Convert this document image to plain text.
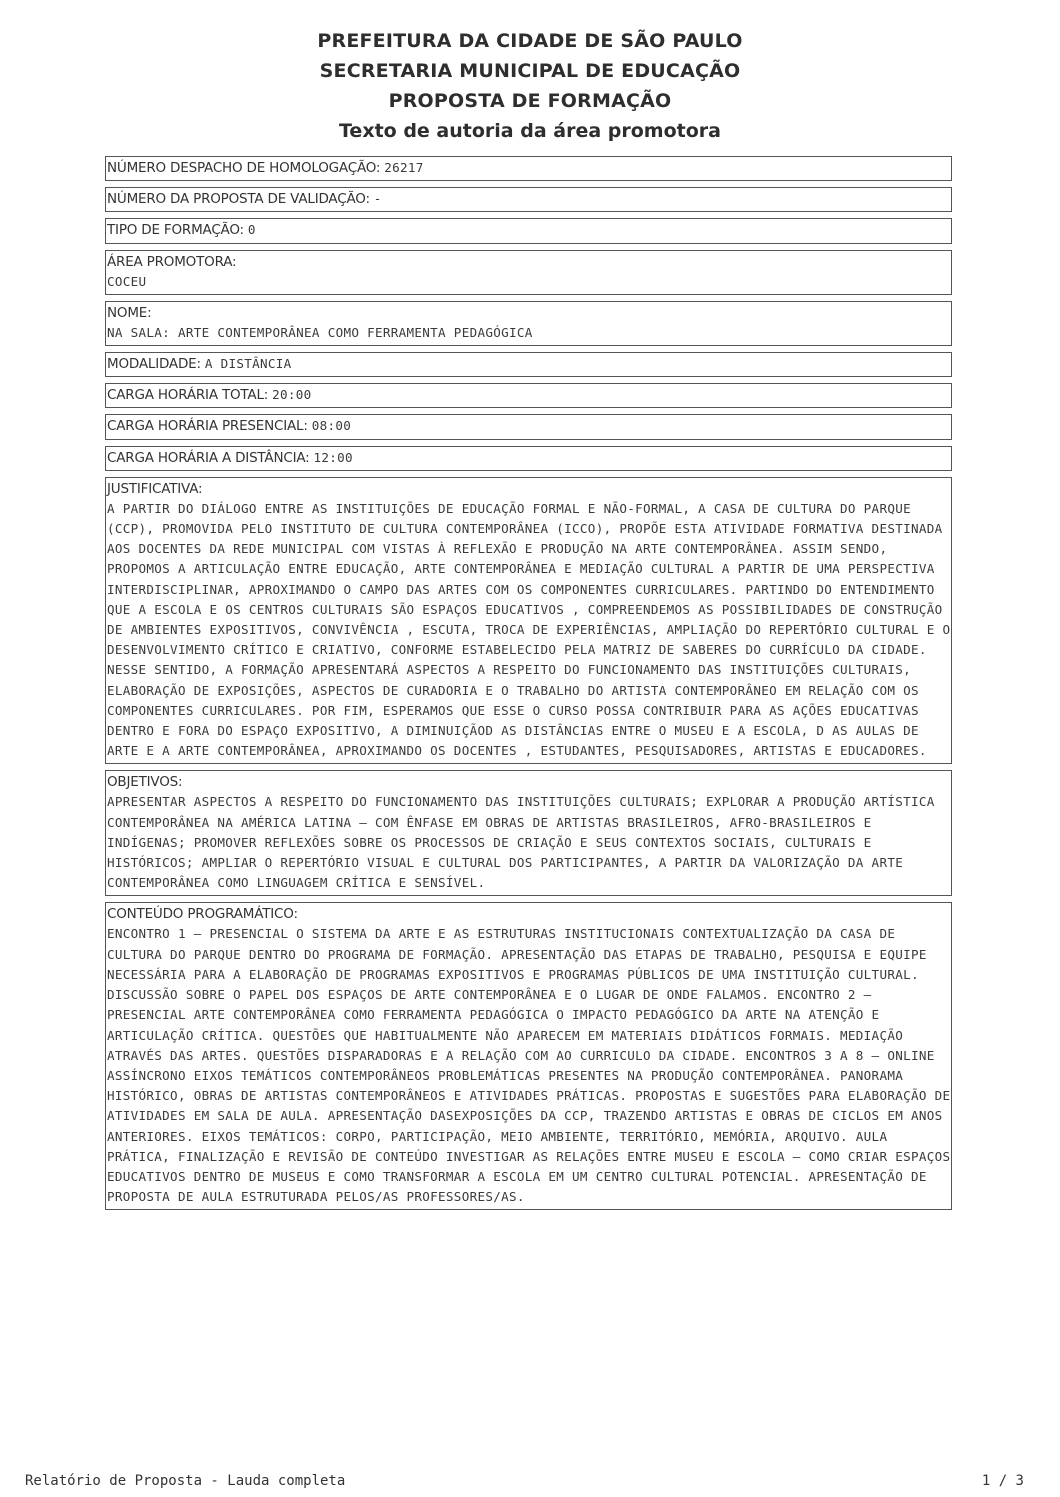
PREFEITURA DA CIDADE DE SÃO PAULO
SECRETARIA MUNICIPAL DE EDUCAÇÃO
PROPOSTA DE FORMAÇÃO
Texto de autoria da área promotora
NÚMERO DESPACHO DE HOMOLOGAÇÃO: 26217
NÚMERO DA PROPOSTA DE VALIDAÇÃO: -
TIPO DE FORMAÇÃO: 0
ÁREA PROMOTORA:
COCEU
NOME:
NA SALA: ARTE CONTEMPORÂNEA COMO FERRAMENTA PEDAGÓGICA
MODALIDADE: A DISTÂNCIA
CARGA HORÁRIA TOTAL: 20:00
CARGA HORÁRIA PRESENCIAL: 08:00
CARGA HORÁRIA A DISTÂNCIA: 12:00
JUSTIFICATIVA:
A PARTIR DO DIÁLOGO ENTRE AS INSTITUIÇÕES DE EDUCAÇÃO FORMAL E NÃO-FORMAL, A CASA DE CULTURA DO PARQUE (CCP), PROMOVIDA PELO INSTITUTO DE CULTURA CONTEMPORÂNEA (ICCO), PROPÕE ESTA ATIVIDADE FORMATIVA DESTINADA AOS DOCENTES DA REDE MUNICIPAL COM VISTAS À REFLEXÃO E PRODUÇÃO NA ARTE CONTEMPORÂNEA. ASSIM SENDO, PROPOMOS A ARTICULAÇÃO ENTRE EDUCAÇÃO, ARTE CONTEMPORÂNEA E MEDIAÇÃO CULTURAL A PARTIR DE UMA PERSPECTIVA INTERDISCIPLINAR, APROXIMANDO O CAMPO DAS ARTES COM OS COMPONENTES CURRICULARES. PARTINDO DO ENTENDIMENTO QUE A ESCOLA E OS CENTROS CULTURAIS SÃO ESPAÇOS EDUCATIVOS , COMPREENDEMOS AS POSSIBILIDADES DE CONSTRUÇÃO DE AMBIENTES EXPOSITIVOS, CONVIVÊNCIA , ESCUTA, TROCA DE EXPERIÊNCIAS, AMPLIAÇÃO DO REPERTÓRIO CULTURAL E O DESENVOLVIMENTO CRÍTICO E CRIATIVO, CONFORME ESTABELECIDO PELA MATRIZ DE SABERES DO CURRÍCULO DA CIDADE. NESSE SENTIDO, A FORMAÇÃO APRESENTARÁ ASPECTOS A RESPEITO DO FUNCIONAMENTO DAS INSTITUIÇÕES CULTURAIS, ELABORAÇÃO DE EXPOSIÇÕES, ASPECTOS DE CURADORIA E O TRABALHO DO ARTISTA CONTEMPORÂNEO EM RELAÇÃO COM OS COMPONENTES CURRICULARES. POR FIM, ESPERAMOS QUE ESSE O CURSO POSSA CONTRIBUIR PARA AS AÇÕES EDUCATIVAS DENTRO E FORA DO ESPAÇO EXPOSITIVO, A DIMINUIÇÃOD AS DISTÂNCIAS ENTRE O MUSEU E A ESCOLA, D AS AULAS DE ARTE E A ARTE CONTEMPORÂNEA, APROXIMANDO OS DOCENTES , ESTUDANTES, PESQUISADORES, ARTISTAS E EDUCADORES.
OBJETIVOS:
APRESENTAR ASPECTOS A RESPEITO DO FUNCIONAMENTO DAS INSTITUIÇÕES CULTURAIS; EXPLORAR A PRODUÇÃO ARTÍSTICA CONTEMPORÂNEA NA AMÉRICA LATINA — COM ÊNFASE EM OBRAS DE ARTISTAS BRASILEIROS, AFRO-BRASILEIROS E INDÍGENAS; PROMOVER REFLEXÕES SOBRE OS PROCESSOS DE CRIAÇÃO E SEUS CONTEXTOS SOCIAIS, CULTURAIS E HISTÓRICOS; AMPLIAR O REPERTÓRIO VISUAL E CULTURAL DOS PARTICIPANTES, A PARTIR DA VALORIZAÇÃO DA ARTE CONTEMPORÂNEA COMO LINGUAGEM CRÍTICA E SENSÍVEL.
CONTEÚDO PROGRAMÁTICO:
ENCONTRO 1 — PRESENCIAL O SISTEMA DA ARTE E AS ESTRUTURAS INSTITUCIONAIS CONTEXTUALIZAÇÃO DA CASA DE CULTURA DO PARQUE DENTRO DO PROGRAMA DE FORMAÇÃO. APRESENTAÇÃO DAS ETAPAS DE TRABALHO, PESQUISA E EQUIPE NECESSÁRIA PARA A ELABORAÇÃO DE PROGRAMAS EXPOSITIVOS E PROGRAMAS PÚBLICOS DE UMA INSTITUIÇÃO CULTURAL. DISCUSSÃO SOBRE O PAPEL DOS ESPAÇOS DE ARTE CONTEMPORÂNEA E O LUGAR DE ONDE FALAMOS. ENCONTRO 2 — PRESENCIAL ARTE CONTEMPORÂNEA COMO FERRAMENTA PEDAGÓGICA O IMPACTO PEDAGÓGICO DA ARTE NA ATENÇÃO E ARTICULAÇÃO CRÍTICA. QUESTÕES QUE HABITUALMENTE NÃO APARECEM EM MATERIAIS DIDÁTICOS FORMAIS. MEDIAÇÃO ATRAVÉS DAS ARTES. QUESTÕES DISPARADORAS E A RELAÇÃO COM AO CURRICULO DA CIDADE. ENCONTROS 3 A 8 — ONLINE ASSÍNCRONO EIXOS TEMÁTICOS CONTEMPORÂNEOS PROBLEMÁTICAS PRESENTES NA PRODUÇÃO CONTEMPORÂNEA. PANORAMA HISTÓRICO, OBRAS DE ARTISTAS CONTEMPORÂNEOS E ATIVIDADES PRÁTICAS. PROPOSTAS E SUGESTÕES PARA ELABORAÇÃO DE ATIVIDADES EM SALA DE AULA. APRESENTAÇÃO DASEXPOSIÇÕES DA CCP, TRAZENDO ARTISTAS E OBRAS DE CICLOS EM ANOS ANTERIORES. EIXOS TEMÁTICOS: CORPO, PARTICIPAÇÃO, MEIO AMBIENTE, TERRITÓRIO, MEMÓRIA, ARQUIVO. AULA PRÁTICA, FINALIZAÇÃO E REVISÃO DE CONTEÚDO INVESTIGAR AS RELAÇÕES ENTRE MUSEU E ESCOLA — COMO CRIAR ESPAÇOS EDUCATIVOS DENTRO DE MUSEUS E COMO TRANSFORMAR A ESCOLA EM UM CENTRO CULTURAL POTENCIAL. APRESENTAÇÃO DE PROPOSTA DE AULA ESTRUTURADA PELOS/AS PROFESSORES/AS.
Relatório de Proposta - Lauda completa	1 / 3
